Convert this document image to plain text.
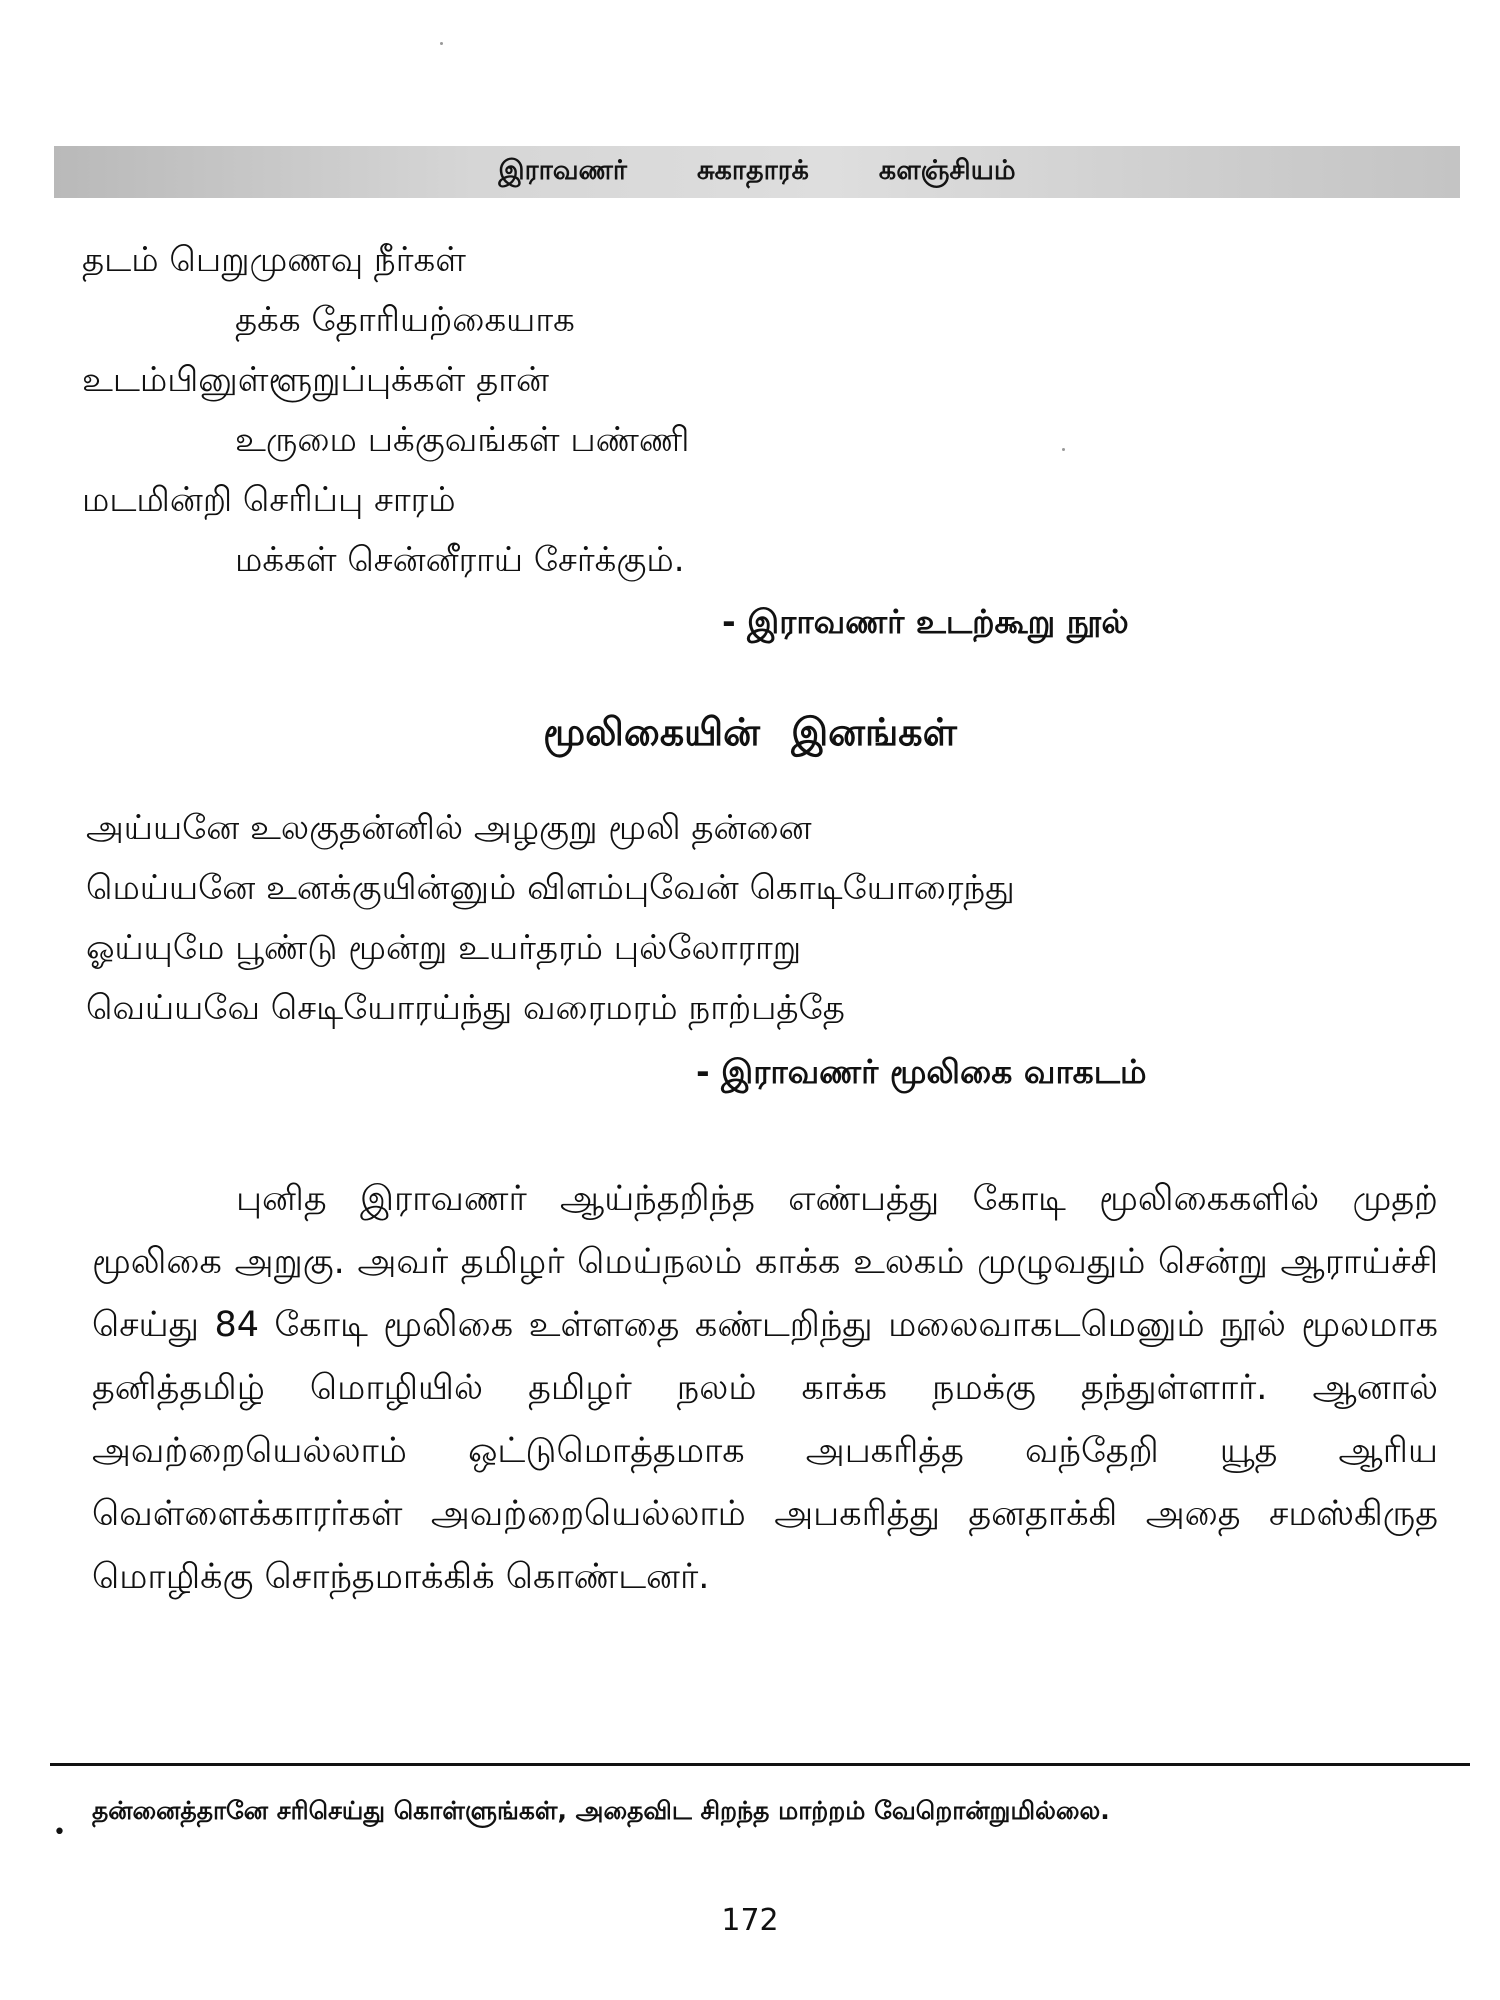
இராவணர்	சுகாதாரக்	களஞ்சியம்
தடம் பெறுமுணவு நீர்கள்
தக்க தோரியற்கையாக
உடம்பினுள்ளூறுப்புக்கள் தான்
உருமை பக்குவங்கள் பண்ணி
மடமின்றி செரிப்பு சாரம்
மக்கள் சென்னீராய் சேர்க்கும்.
- இராவணர் உடற்கூறு நூல்
மூலிகையின் இனங்கள்
அய்யனே உலகுதன்னில் அழகுறு மூலி தன்னை
மெய்யனே உனக்குயின்னும் விளம்புவேன் கொடியோரைந்து
ஓய்யுமே பூண்டு மூன்று உயர்தரம் புல்லோராறு
வெய்யவே செடியோரய்ந்து வரைமரம் நாற்பத்தே
- இராவணர் மூலிகை வாகடம்
புனித இராவணர் ஆய்ந்தறிந்த எண்பத்து கோடி மூலிகைகளில் முதற் மூலிகை அறுகு. அவர் தமிழர் மெய்நலம் காக்க உலகம் முழுவதும் சென்று ஆராய்ச்சி செய்து 84 கோடி மூலிகை உள்ளதை கண்டறிந்து மலைவாகடமெனும் நூல் மூலமாக தனித்தமிழ் மொழியில் தமிழர் நலம் காக்க நமக்கு தந்துள்ளார். ஆனால் அவற்றையெல்லாம் ஒட்டுமொத்தமாக அபகரித்த வந்தேறி யூத ஆரிய வெள்ளைக்காரர்கள் அவற்றையெல்லாம் அபகரித்து தனதாக்கி அதை சமஸ்கிருத மொழிக்கு சொந்தமாக்கிக் கொண்டனர்.
•
தன்னைத்தானே சரிசெய்து கொள்ளுங்கள், அதைவிட சிறந்த மாற்றம் வேறொன்றுமில்லை.
172
